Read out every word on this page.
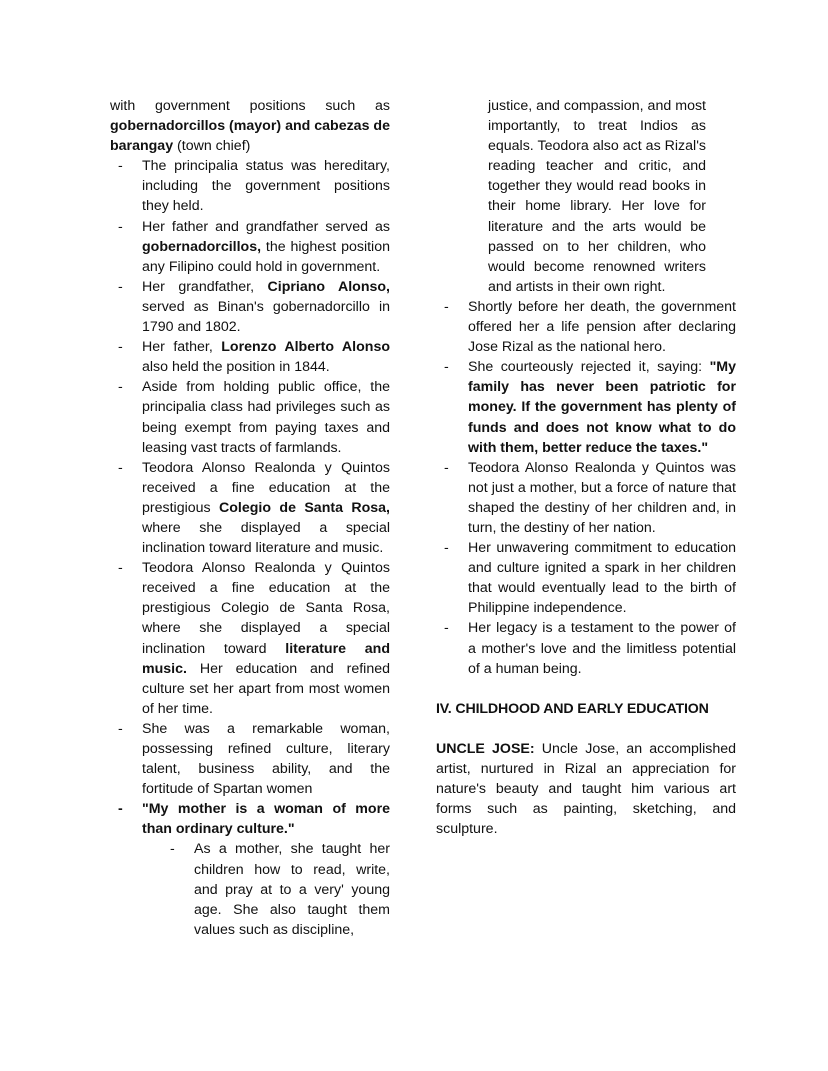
with government positions such as gobernadorcillos (mayor) and cabezas de barangay (town chief)

- The principalia status was hereditary, including the government positions they held.
- Her father and grandfather served as gobernadorcillos, the highest position any Filipino could hold in government.
- Her grandfather, Cipriano Alonso, served as Binan's gobernadorcillo in 1790 and 1802.
- Her father, Lorenzo Alberto Alonso also held the position in 1844.
- Aside from holding public office, the principalia class had privileges such as being exempt from paying taxes and leasing vast tracts of farmlands.
- Teodora Alonso Realonda y Quintos received a fine education at the prestigious Colegio de Santa Rosa, where she displayed a special inclination toward literature and music.
- Teodora Alonso Realonda y Quintos received a fine education at the prestigious Colegio de Santa Rosa, where she displayed a special inclination toward literature and music. Her education and refined culture set her apart from most women of her time.
- She was a remarkable woman, possessing refined culture, literary talent, business ability, and the fortitude of Spartan women
- "My mother is a woman of more than ordinary culture."
- As a mother, she taught her children how to read, write, and pray at to a very' young age. She also taught them values such as discipline,

justice, and compassion, and most importantly, to treat Indios as equals. Teodora also act as Rizal's reading teacher and critic, and together they would read books in their home library. Her love for literature and the arts would be passed on to her children, who would become renowned writers and artists in their own right.

- Shortly before her death, the government offered her a life pension after declaring Jose Rizal as the national hero.
- She courteously rejected it, saying: "My family has never been patriotic for money. If the government has plenty of funds and does not know what to do with them, better reduce the taxes."
- Teodora Alonso Realonda y Quintos was not just a mother, but a force of nature that shaped the destiny of her children and, in turn, the destiny of her nation.
- Her unwavering commitment to education and culture ignited a spark in her children that would eventually lead to the birth of Philippine independence.
- Her legacy is a testament to the power of a mother's love and the limitless potential of a human being.
IV. CHILDHOOD AND EARLY EDUCATION

UNCLE JOSE: Uncle Jose, an accomplished artist, nurtured in Rizal an appreciation for nature's beauty and taught him various art forms such as painting, sketching, and sculpture.
